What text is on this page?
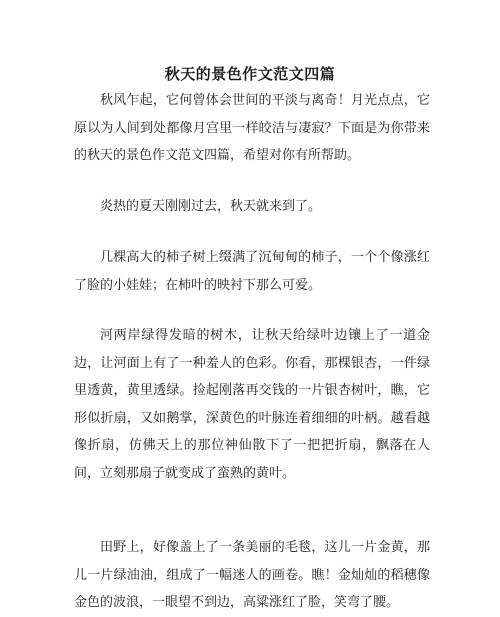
秋天的景色作文范文四篇

秋风乍起，它何曾体会世间的平淡与离奇！月光点点，它原以为人间到处都像月宫里一样皎洁与凄寂？下面是为你带来的秋天的景色作文范文四篇，希望对你有所帮助。

炎热的夏天刚刚过去，秋天就来到了。

几棵高大的柿子树上缀满了沉甸甸的柿子，一个个像涨红了脸的小娃娃；在柿叶的映衬下那么可爱。

河两岸绿得发暗的树木，让秋天给绿叶边镶上了一道金边，让河面上有了一种羞人的色彩。你看，那棵银杏，一件绿里透黄，黄里透绿。捡起刚落再交钱的一片银杏树叶，瞧，它形似折扇，又如鹅掌，深黄色的叶脉连着细细的叶柄。越看越像折扇，仿佛天上的那位神仙散下了一把把折扇，飘落在人间，立刻那扇子就变成了蛮熟的黄叶。

田野上，好像盖上了一条美丽的毛毯，这儿一片金黄，那儿一片绿油油，组成了一幅迷人的画卷。瞧！金灿灿的稻穗像金色的波浪，一眼望不到边，高粱涨红了脸，笑弯了腰。
